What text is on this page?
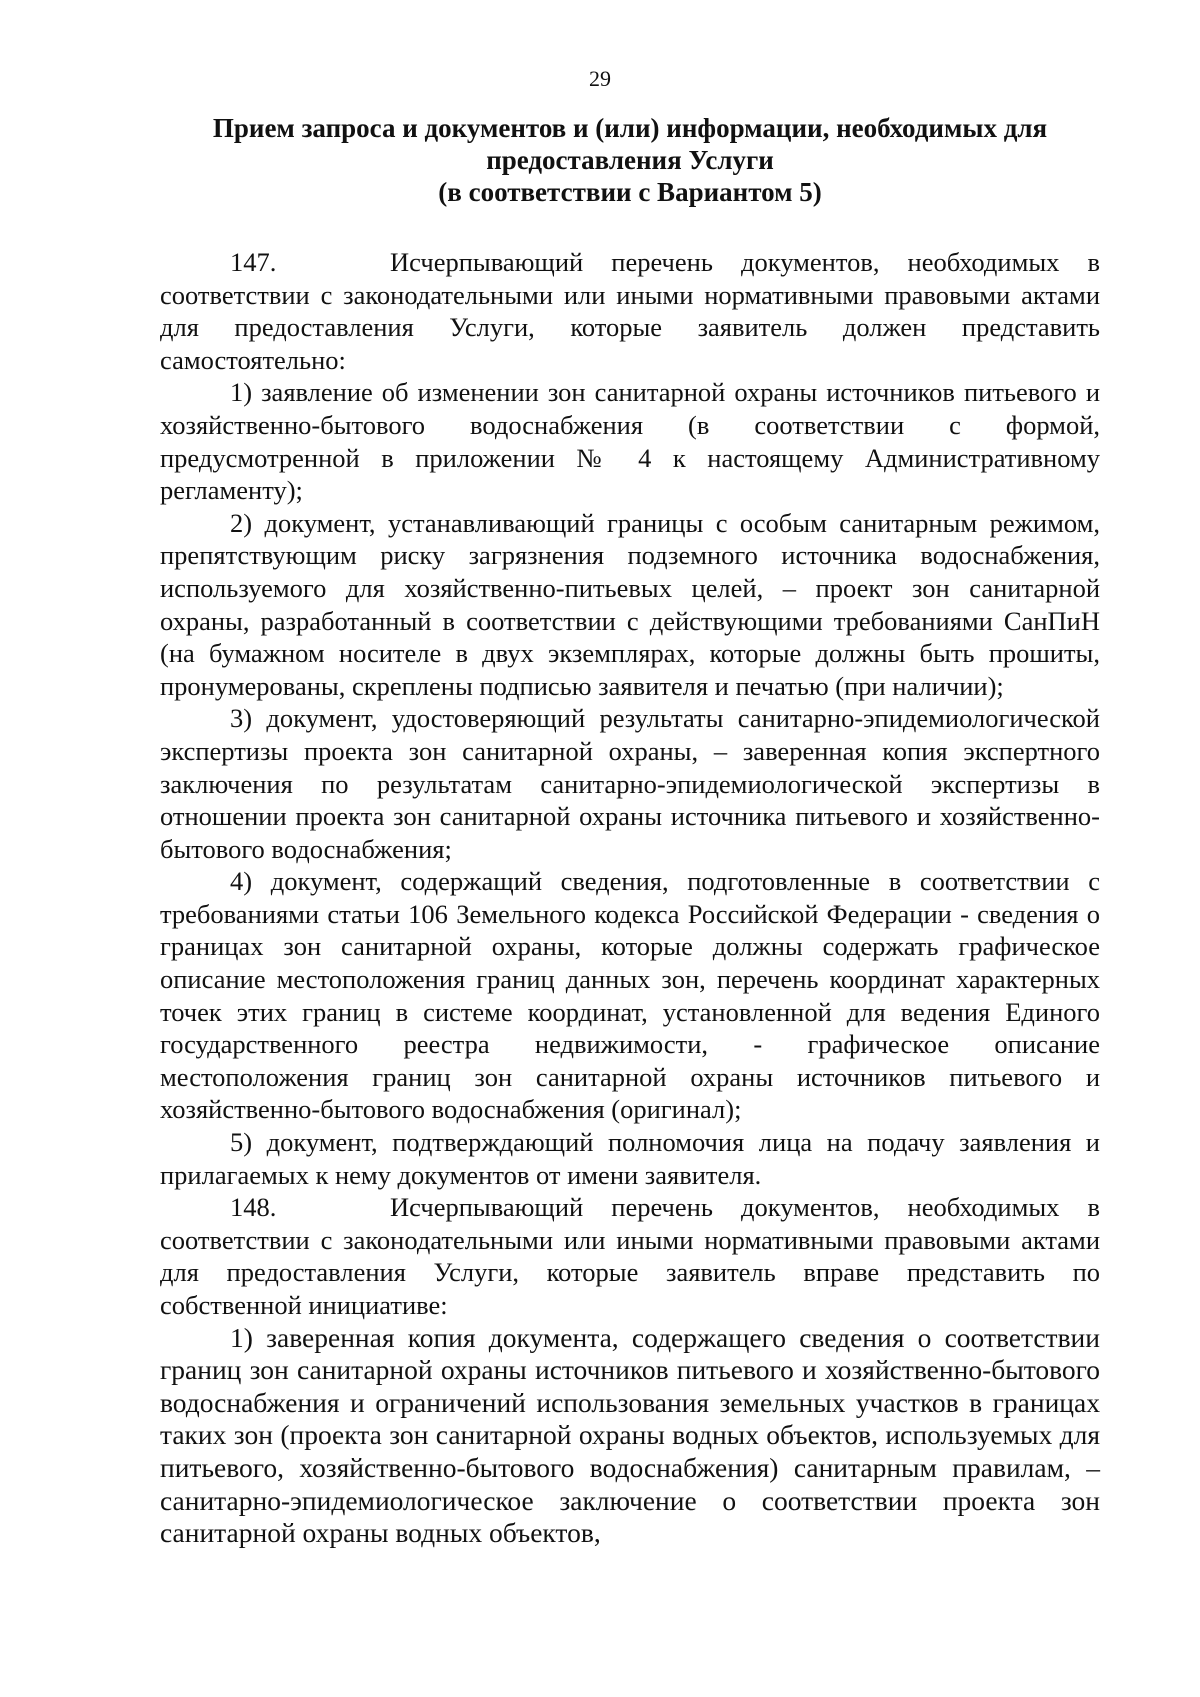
29
Прием запроса и документов и (или) информации, необходимых для
предоставления Услуги
(в соответствии с Вариантом 5)

147.	Исчерпывающий перечень документов, необходимых в соответствии с законодательными или иными нормативными правовыми актами для предоставления Услуги, которые заявитель должен представить самостоятельно:

1) заявление об изменении зон санитарной охраны источников питьевого и хозяйственно-бытового водоснабжения (в соответствии с формой, предусмотренной в приложении № 4 к настоящему Административному регламенту);

2) документ, устанавливающий границы с особым санитарным режимом, препятствующим риску загрязнения подземного источника водоснабжения, используемого для хозяйственно-питьевых целей, – проект зон санитарной охраны, разработанный в соответствии с действующими требованиями СанПиН (на бумажном носителе в двух экземплярах, которые должны быть прошиты, пронумерованы, скреплены подписью заявителя и печатью (при наличии);

3) документ, удостоверяющий результаты санитарно-эпидемиологической экспертизы проекта зон санитарной охраны, – заверенная копия экспертного заключения по результатам санитарно-эпидемиологической экспертизы в отношении проекта зон санитарной охраны источника питьевого и хозяйственно-бытового водоснабжения;

4) документ, содержащий сведения, подготовленные в соответствии с требованиями статьи 106 Земельного кодекса Российской Федерации - сведения о границах зон санитарной охраны, которые должны содержать графическое описание местоположения границ данных зон, перечень координат характерных точек этих границ в системе координат, установленной для ведения Единого государственного реестра недвижимости, - графическое описание местоположения границ зон санитарной охраны источников питьевого и хозяйственно-бытового водоснабжения (оригинал);

5) документ, подтверждающий полномочия лица на подачу заявления и прилагаемых к нему документов от имени заявителя.

148.	Исчерпывающий перечень документов, необходимых в соответствии с законодательными или иными нормативными правовыми актами для предоставления Услуги, которые заявитель вправе представить по собственной инициативе:

1) заверенная копия документа, содержащего сведения о соответствии границ зон санитарной охраны источников питьевого и хозяйственно-бытового водоснабжения и ограничений использования земельных участков в границах таких зон (проекта зон санитарной охраны водных объектов, используемых для питьевого, хозяйственно-бытового водоснабжения) санитарным правилам, – санитарно-эпидемиологическое заключение о соответствии проекта зон санитарной охраны водных объектов,
